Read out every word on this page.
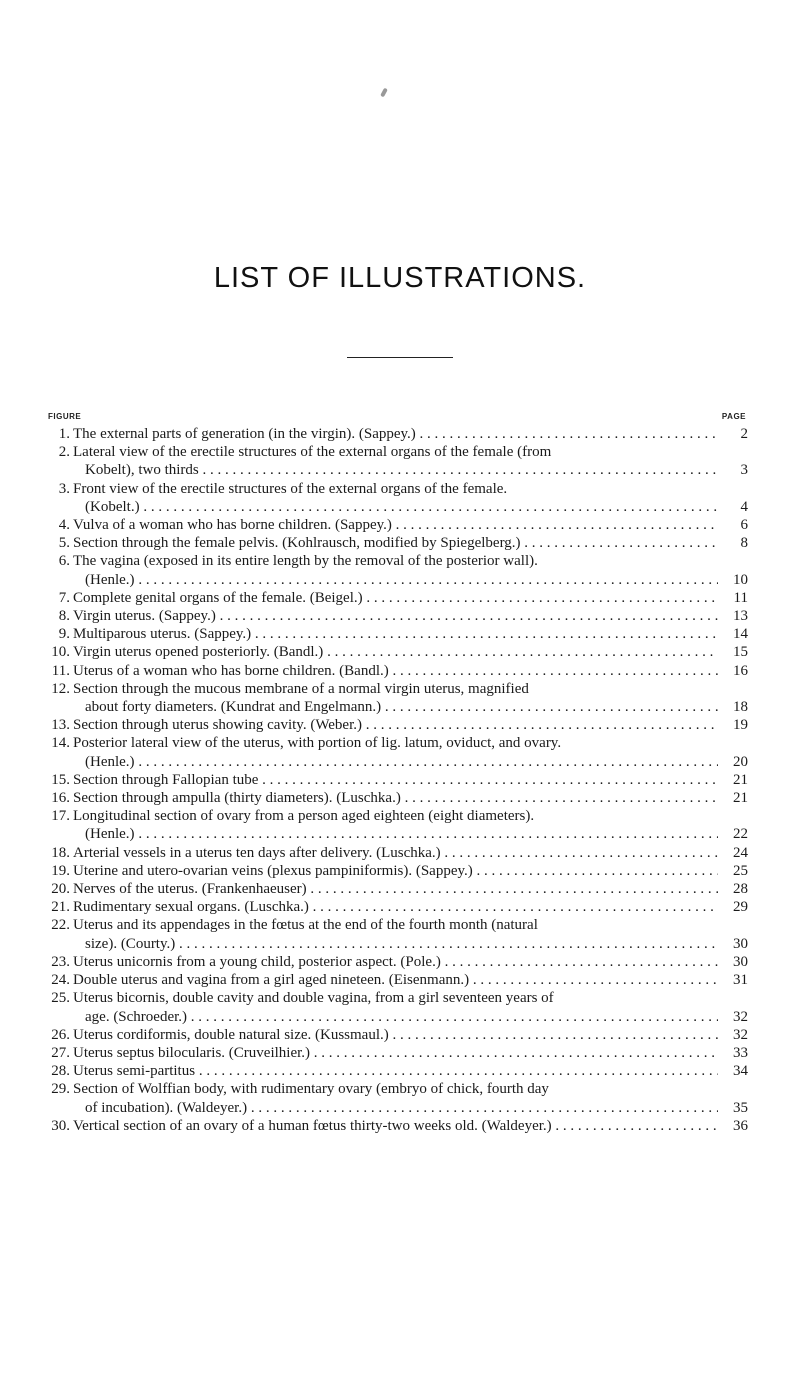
LIST OF ILLUSTRATIONS.
FIGURE	PAGE
1. The external parts of generation (in the virgin). (Sappey.) . . .	2
2. Lateral view of the erectile structures of the external organs of the female (from
Kobelt), two thirds . . .	3
3. Front view of the erectile structures of the external organs of the female.
(Kobelt.) . . .	4
4. Vulva of a woman who has borne children. (Sappey.) . . .	6
5. Section through the female pelvis. (Kohlrausch, modified by Spiegelberg.) . . .	8
6. The vagina (exposed in its entire length by the removal of the posterior wall).
(Henle.) . . .	10
7. Complete genital organs of the female. (Beigel.) . . .	11
8. Virgin uterus. (Sappey.) . . .	13
9. Multiparous uterus. (Sappey.) . . .	14
10. Virgin uterus opened posteriorly. (Bandl.) . . .	15
11. Uterus of a woman who has borne children. (Bandl.) . . .	16
12. Section through the mucous membrane of a normal virgin uterus, magnified
about forty diameters. (Kundrat and Engelmann.) . . .	18
13. Section through uterus showing cavity. (Weber.) . . .	19
14. Posterior lateral view of the uterus, with portion of lig. latum, oviduct, and ovary.
(Henle.) . . .	20
15. Section through Fallopian tube . . .	21
16. Section through ampulla (thirty diameters). (Luschka.) . . .	21
17. Longitudinal section of ovary from a person aged eighteen (eight diameters).
(Henle.) . . .	22
18. Arterial vessels in a uterus ten days after delivery. (Luschka.) . . .	24
19. Uterine and utero-ovarian veins (plexus pampiniformis). (Sappey.) . . .	25
20. Nerves of the uterus. (Frankenhaeuser) . . .	28
21. Rudimentary sexual organs. (Luschka.) . . .	29
22. Uterus and its appendages in the fœtus at the end of the fourth month (natural
size). (Courty.) . . .	30
23. Uterus unicornis from a young child, posterior aspect. (Pole.) . . .	30
24. Double uterus and vagina from a girl aged nineteen. (Eisenmann.) . . .	31
25. Uterus bicornis, double cavity and double vagina, from a girl seventeen years of
age. (Schroeder.) . . .	32
26. Uterus cordiformis, double natural size. (Kussmaul.) . . .	32
27. Uterus septus bilocularis. (Cruveilhier.) . . .	33
28. Uterus semi-partitus . . .	34
29. Section of Wolffian body, with rudimentary ovary (embryo of chick, fourth day
of incubation). (Waldeyer.) . . .	35
30. Vertical section of an ovary of a human fœtus thirty-two weeks old. (Waldeyer.) . . .	36
